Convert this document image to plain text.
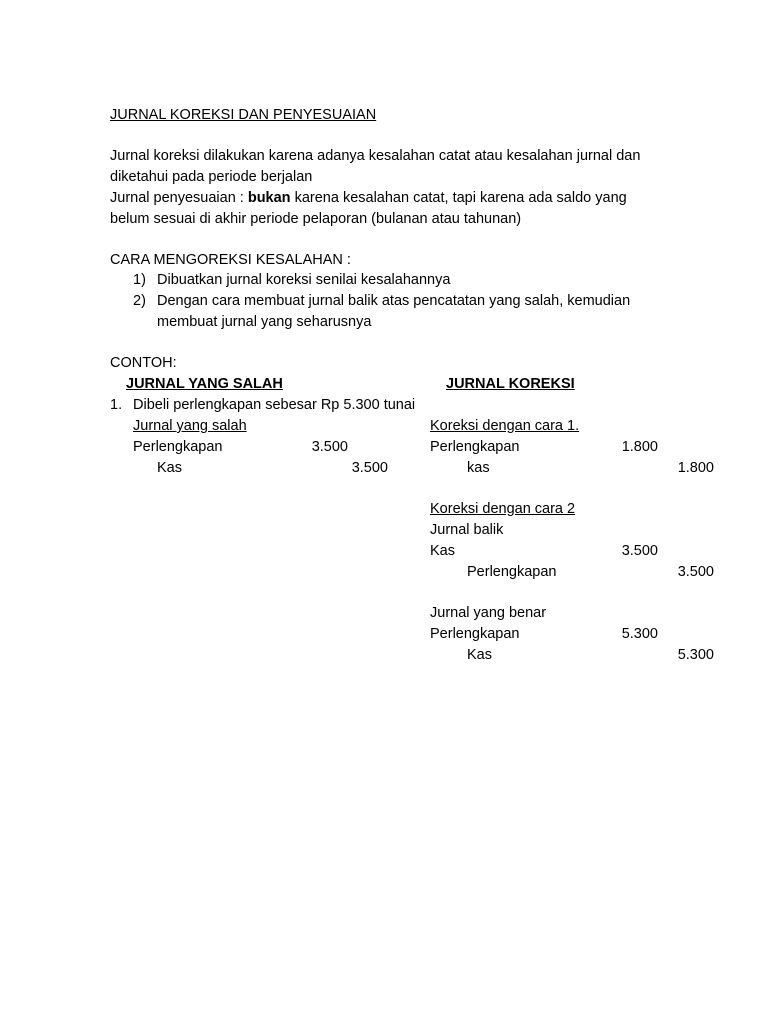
JURNAL KOREKSI DAN PENYESUAIAN
Jurnal koreksi dilakukan karena adanya kesalahan catat atau kesalahan jurnal dan
diketahui pada periode berjalan
Jurnal penyesuaian : bukan karena kesalahan catat, tapi karena ada saldo yang
belum sesuai di akhir periode pelaporan (bulanan atau tahunan)
CARA MENGOREKSI KESALAHAN :
1) Dibuatkan jurnal koreksi senilai kesalahannya
2) Dengan cara membuat jurnal balik atas pencatatan yang salah, kemudian
membuat jurnal yang seharusnya
CONTOH:
JURNAL YANG SALAH	JURNAL KOREKSI
1. Dibeli perlengkapan sebesar Rp 5.300 tunai
Jurnal yang salah
Perlengkapan	3.500
Kas	3.500
Koreksi dengan cara 1.
Perlengkapan	1.800
kas	1.800
Koreksi dengan cara 2
Jurnal balik
Kas	3.500
Perlengkapan	3.500
Jurnal yang benar
Perlengkapan	5.300
Kas	5.300
